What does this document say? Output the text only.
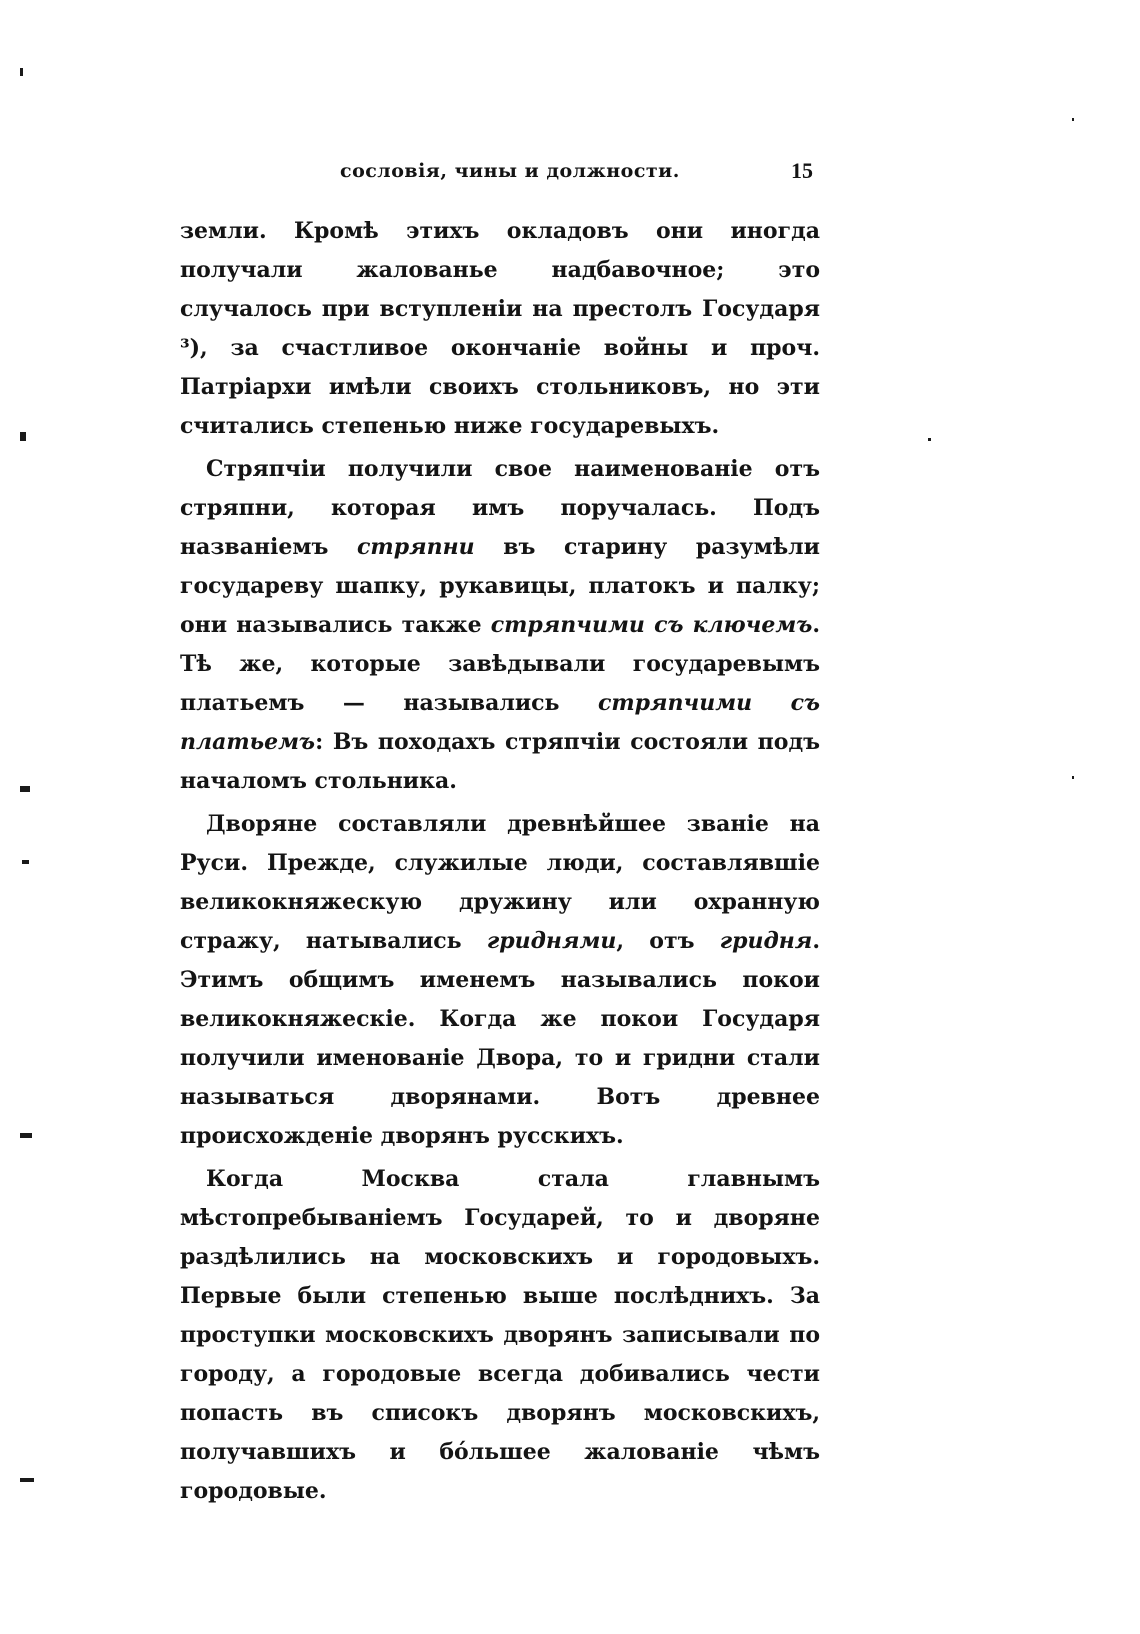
сословія, чины и должности.	15

земли. Кромѣ этихъ окладовъ они иногда получали жалованье надбавочное; это случалось при вступленіи на престолъ Государя ³), за счастливое окончаніе войны и проч. Патріархи имѣли своихъ стольниковъ, но эти считались степенью ниже государевыхъ.

Стряпчіи получили свое наименованіе отъ стряпни, которая имъ поручалась. Подъ названіемъ стряпни въ старину разумѣли государеву шапку, рукавицы, платокъ и палку; они назывались также стряпчими съ ключемъ. Тѣ же, которые завѣдывали государевымъ платьемъ — назывались стряпчими съ платьемъ: Въ походахъ стряпчіи состояли подъ началомъ стольника.

Дворяне составляли древнѣйшее званіе на Руси. Прежде, служилые люди, составлявшіе великокняжескую дружину или охранную стражу, натывались гриднями, отъ гридня. Этимъ общимъ именемъ назывались покои великокняжескіе. Когда же покои Государя получили именованіе Двора, то и гридни стали называться дворянами. Вотъ древнее происхожденіе дворянъ русскихъ.

Когда Москва стала главнымъ мѣстопребываніемъ Государей, то и дворяне раздѣлились на московскихъ и городовыхъ. Первые были степенью выше послѣднихъ. За проступки московскихъ дворянъ записывали по городу, а городовые всегда добивались чести попасть въ списокъ дворянъ московскихъ, получавшихъ и бо́льшее жалованіе чѣмъ городовые.
